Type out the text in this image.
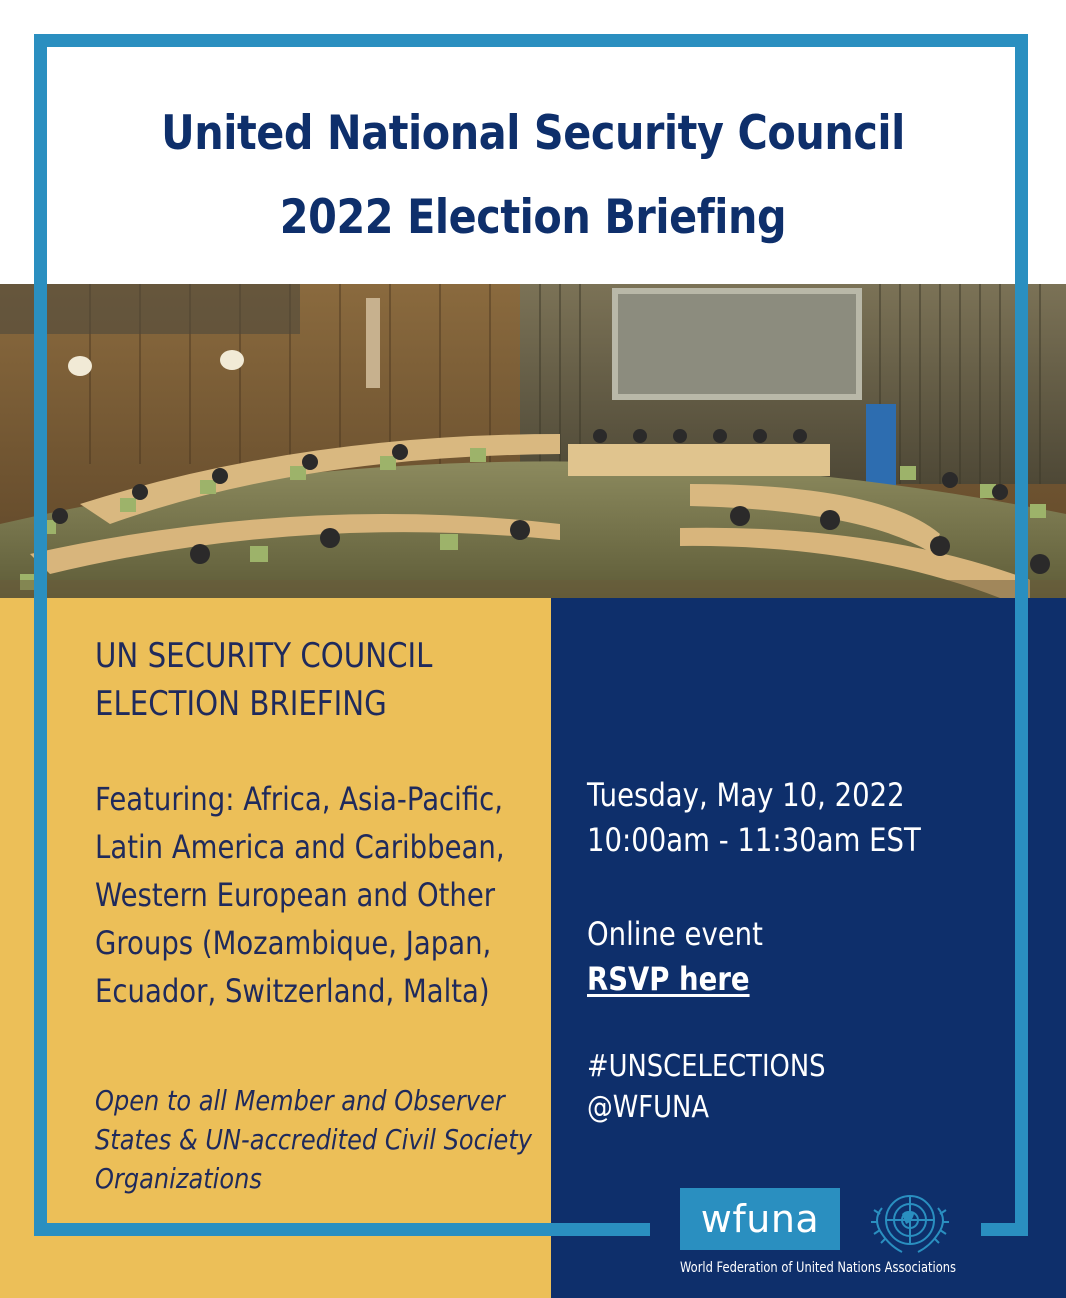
United National Security Council
2022 Election Briefing
UN SECURITY COUNCIL
ELECTION BRIEFING
Featuring: Africa, Asia-Pacific, Latin America and Caribbean, Western European and Other Groups (Mozambique, Japan, Ecuador, Switzerland, Malta)
Open to all Member and Observer States & UN-accredited Civil Society Organizations
Tuesday, May 10, 2022
10:00am - 11:30am EST
Online event
RSVP here
#UNSCELECTIONS
@WFUNA
wfuna
World Federation of United Nations Associations
